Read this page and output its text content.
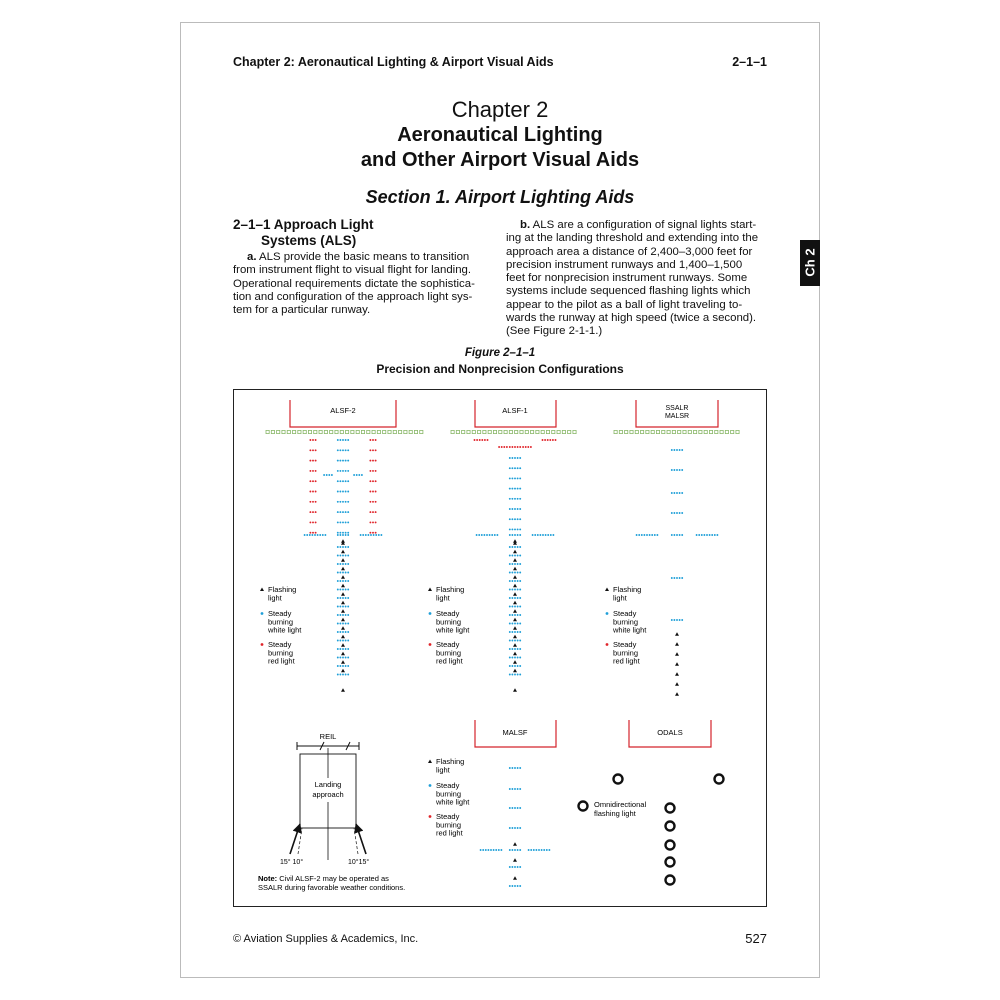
Chapter 2: Aeronautical Lighting & Airport Visual Aids	2–1–1
Chapter 2
Aeronautical Lighting
and Other Airport Visual Aids
Section 1. Airport Lighting Aids
2–1–1 Approach Light
Systems (ALS)
a. ALS provide the basic means to transition
from instrument flight to visual flight for landing.
Operational requirements dictate the sophistica-
tion and configuration of the approach light sys-
tem for a particular runway.
b. ALS are a configuration of signal lights start-
ing at the landing threshold and extending into the
approach area a distance of 2,400–3,000 feet for
precision instrument runways and 1,400–1,500
feet for nonprecision instrument runways. Some
systems include sequenced flashing lights which
appear to the pilot as a ball of light traveling to-
wards the runway at high speed (twice a second).
(See Figure 2-1-1.)
Figure 2–1–1
Precision and Nonprecision Configurations
ALSF-2	ALSF-1	SSALR
MALSR
MALSF	ODALS
Flashing
light
Steady
burning
white light
Steady
burning
red light
Flashing
light
Steady
burning
white light
Steady
burning
red light
Flashing
light
Steady
burning
white light
Steady
burning
red light
Flashing
light
Steady
burning
white light
Steady
burning
red light
REIL
Landing
approach
15° 10°	10°15°
Omnidirectional
flashing light
Note: Civil ALSF-2 may be operated as
SSALR during favorable weather conditions.
© Aviation Supplies & Academics, Inc.	527
Ch 2
